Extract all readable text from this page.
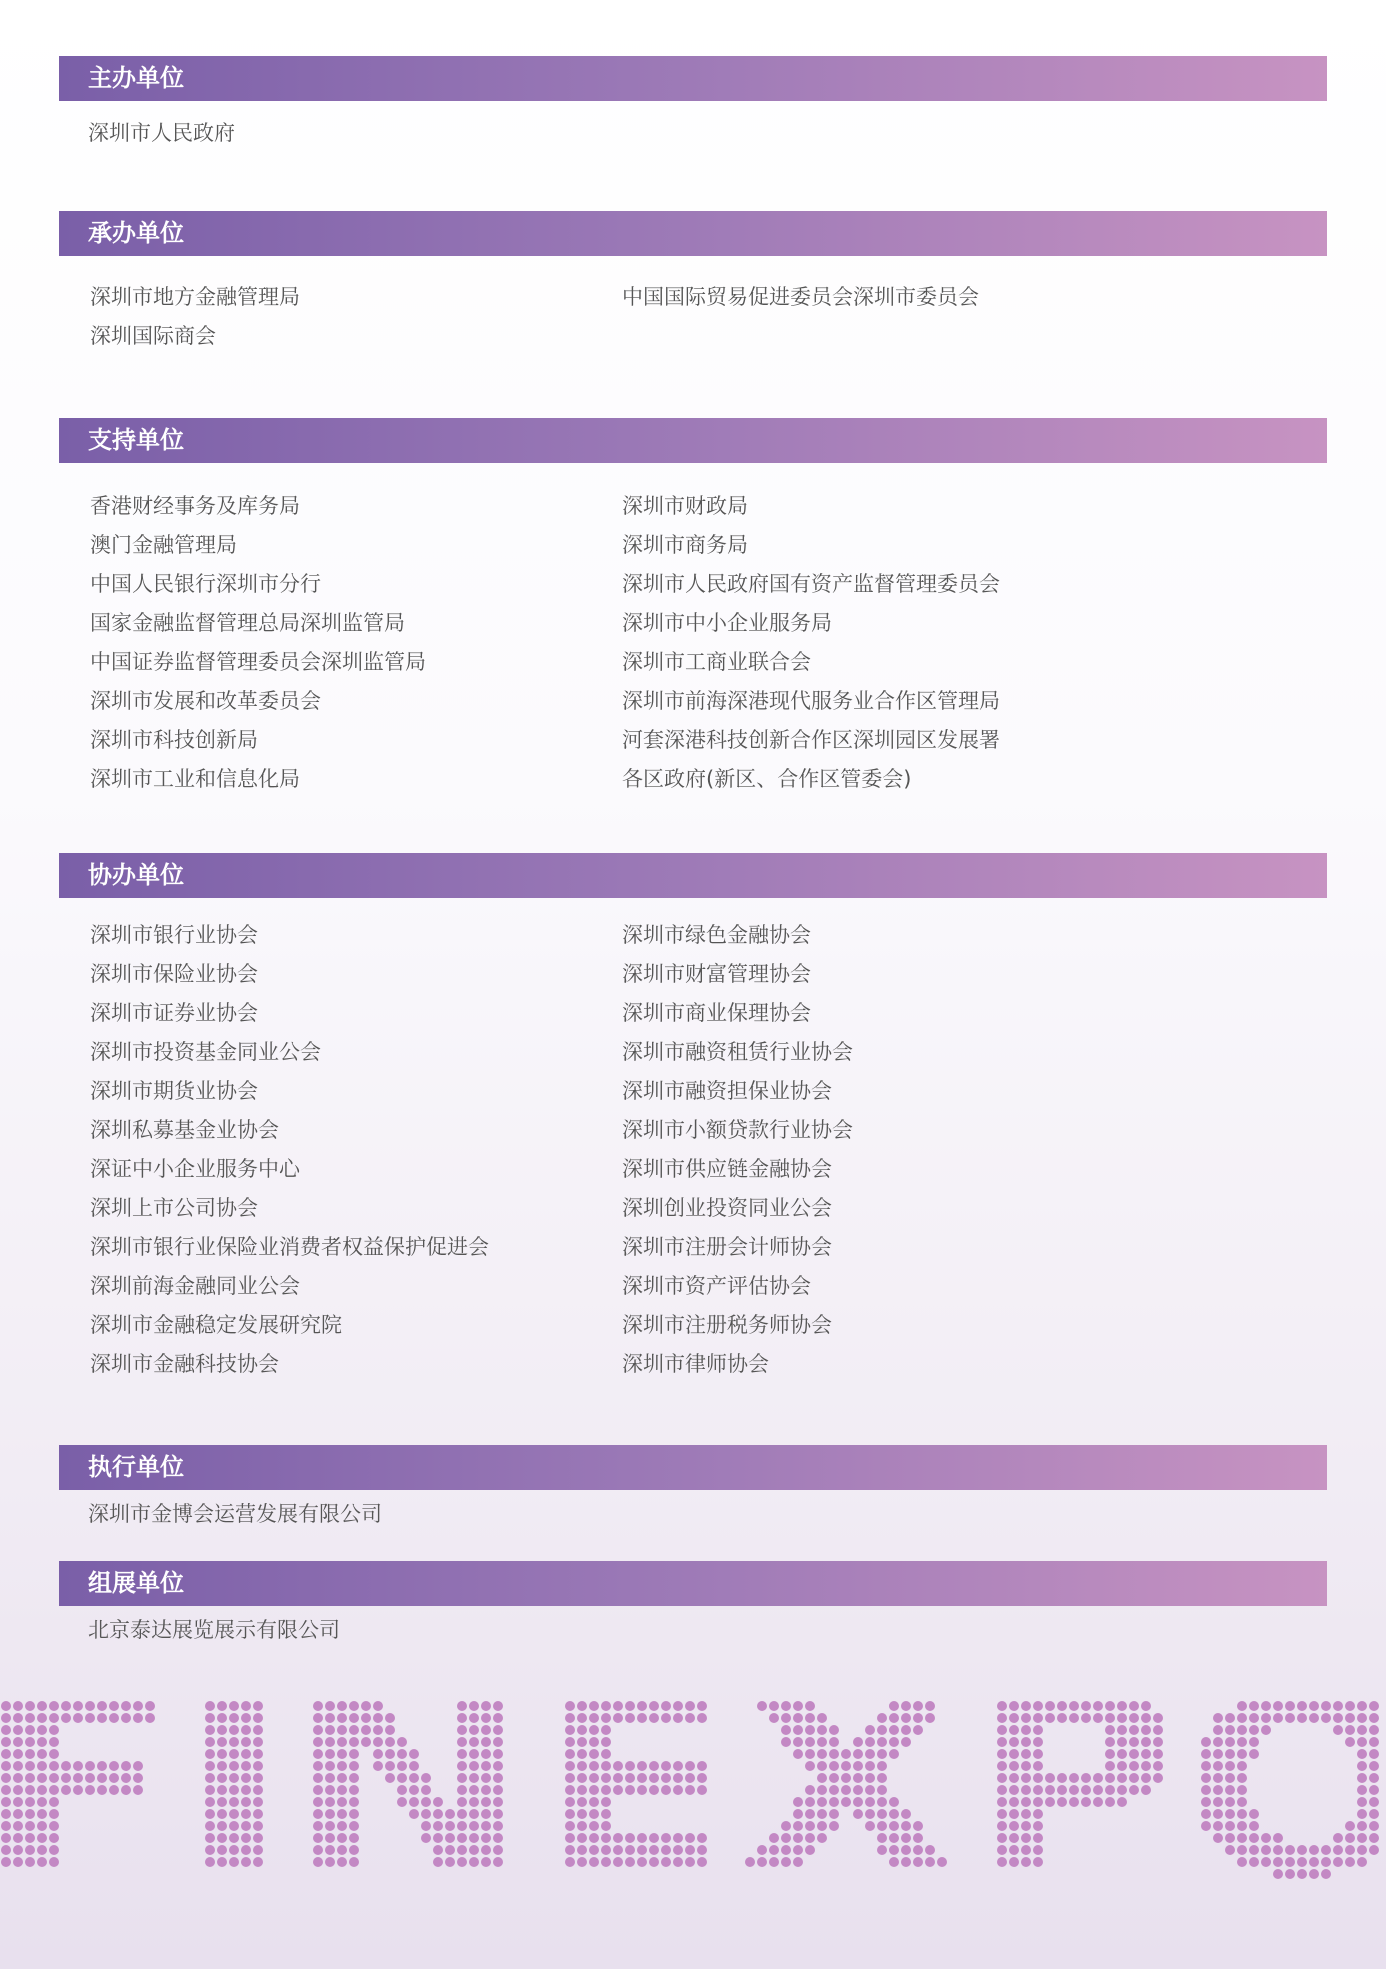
主办单位
深圳市人民政府
承办单位
深圳市地方金融管理局
深圳国际商会
中国国际贸易促进委员会深圳市委员会
支持单位
香港财经事务及库务局
澳门金融管理局
中国人民银行深圳市分行
国家金融监督管理总局深圳监管局
中国证券监督管理委员会深圳监管局
深圳市发展和改革委员会
深圳市科技创新局
深圳市工业和信息化局
深圳市财政局
深圳市商务局
深圳市人民政府国有资产监督管理委员会
深圳市中小企业服务局
深圳市工商业联合会
深圳市前海深港现代服务业合作区管理局
河套深港科技创新合作区深圳园区发展署
各区政府(新区、合作区管委会)
协办单位
深圳市银行业协会
深圳市保险业协会
深圳市证券业协会
深圳市投资基金同业公会
深圳市期货业协会
深圳私募基金业协会
深证中小企业服务中心
深圳上市公司协会
深圳市银行业保险业消费者权益保护促进会
深圳前海金融同业公会
深圳市金融稳定发展研究院
深圳市金融科技协会
深圳市绿色金融协会
深圳市财富管理协会
深圳市商业保理协会
深圳市融资租赁行业协会
深圳市融资担保业协会
深圳市小额贷款行业协会
深圳市供应链金融协会
深圳创业投资同业公会
深圳市注册会计师协会
深圳市资产评估协会
深圳市注册税务师协会
深圳市律师协会
执行单位
深圳市金博会运营发展有限公司
组展单位
北京泰达展览展示有限公司
